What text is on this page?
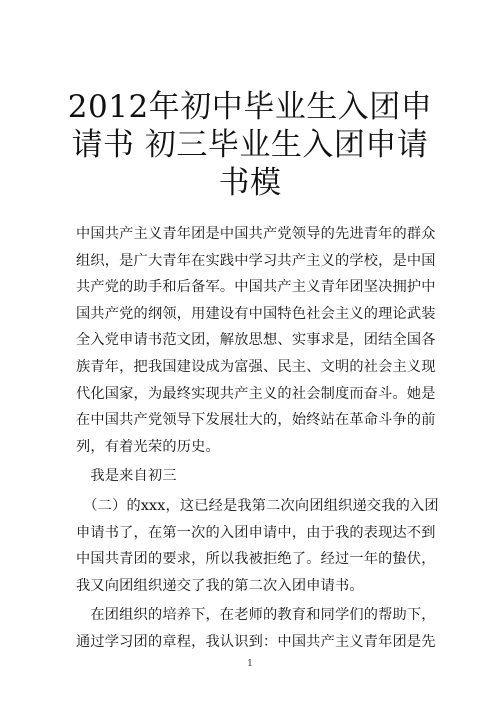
2012年初中毕业生入团申
请书 初三毕业生入团申请
书模
中国共产主义青年团是中国共产党领导的先进青年的群众
组织，是广大青年在实践中学习共产主义的学校，是中国
共产党的助手和后备军。中国共产主义青年团坚决拥护中
国共产党的纲领，用建设有中国特色社会主义的理论武装
全入党申请书范文团，解放思想、实事求是，团结全国各
族青年，把我国建设成为富强、民主、文明的社会主义现
代化国家，为最终实现共产主义的社会制度而奋斗。她是
在中国共产党领导下发展壮大的，始终站在革命斗争的前
列，有着光荣的历史。
　我是来自初三
　（二）的xxx，这已经是我第二次向团组织递交我的入团
申请书了，在第一次的入团申请中，由于我的表现达不到
中国共青团的要求，所以我被拒绝了。经过一年的蛰伏，
我又向团组织递交了我的第二次入团申请书。
　在团组织的培养下，在老师的教育和同学们的帮助下，
通过学习团的章程，我认识到：中国共产主义青年团是先
1
